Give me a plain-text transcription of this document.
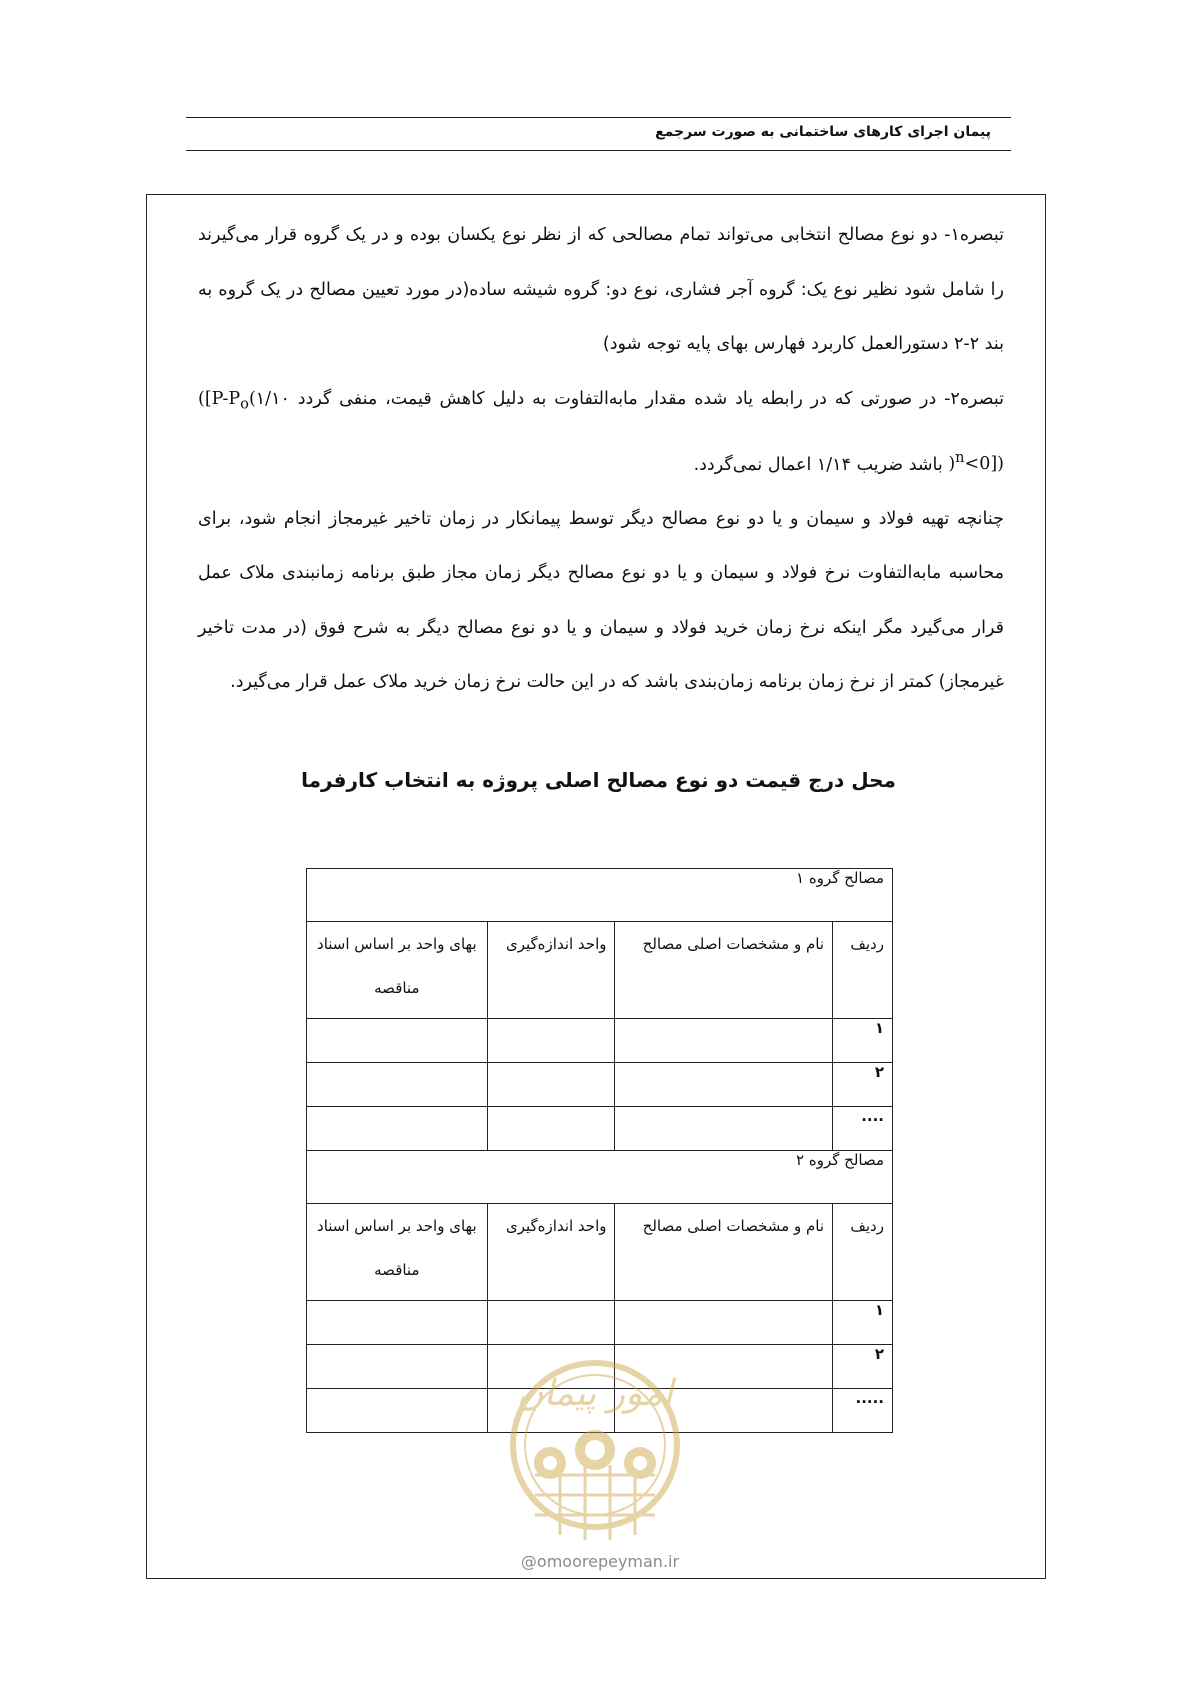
پیمان اجرای کارهای ساختمانی به صورت سرجمع

تبصره۱- دو نوع مصالح انتخابی می‌تواند تمام مصالحی که از نظر نوع یکسان بوده و در یک گروه قرار می‌گیرند را شامل شود نظیر نوع یک: گروه آجر فشاری، نوع دو: گروه شیشه ساده(در مورد تعیین مصالح در یک گروه به بند ۲-۲ دستورالعمل کاربرد فهارس بهای پایه توجه شود)

تبصره۲- در صورتی که در رابطه یاد شده مقدار مابه‌التفاوت به دلیل کاهش قیمت، منفی گردد ([$P-P_o(۱/۱۰$ )$^n$<0]) باشد ضریب ۱/۱۴ اعمال نمی‌گردد.

چنانچه تهیه فولاد و سیمان و یا دو نوع مصالح دیگر توسط پیمانکار در زمان تاخیر غیرمجاز انجام شود، برای محاسبه مابه‌التفاوت نرخ فولاد و سیمان و یا دو نوع مصالح دیگر زمان مجاز طبق برنامه زمانبندی ملاک عمل قرار می‌گیرد مگر اینکه نرخ زمان خرید فولاد و سیمان و یا دو نوع مصالح دیگر به شرح فوق (در مدت تاخیر غیرمجاز) کمتر از نرخ زمان برنامه زمان‌بندی باشد که در این حالت نرخ زمان خرید ملاک عمل قرار می‌گیرد.

محل درج قیمت دو نوع مصالح اصلی پروژه به انتخاب کارفرما
مصالح گروه ۱			
ردیف	نام و مشخصات اصلی مصالح	واحد اندازه‌گیری	بهای واحد بر اساس اسناد مناقصه
۱			
۲			
....			
مصالح گروه ۲			
ردیف	نام و مشخصات اصلی مصالح	واحد اندازه‌گیری	بهای واحد بر اساس اسناد مناقصه
۱			
۲			
.....			
امور پیمان
@omoorepeyman.ir
